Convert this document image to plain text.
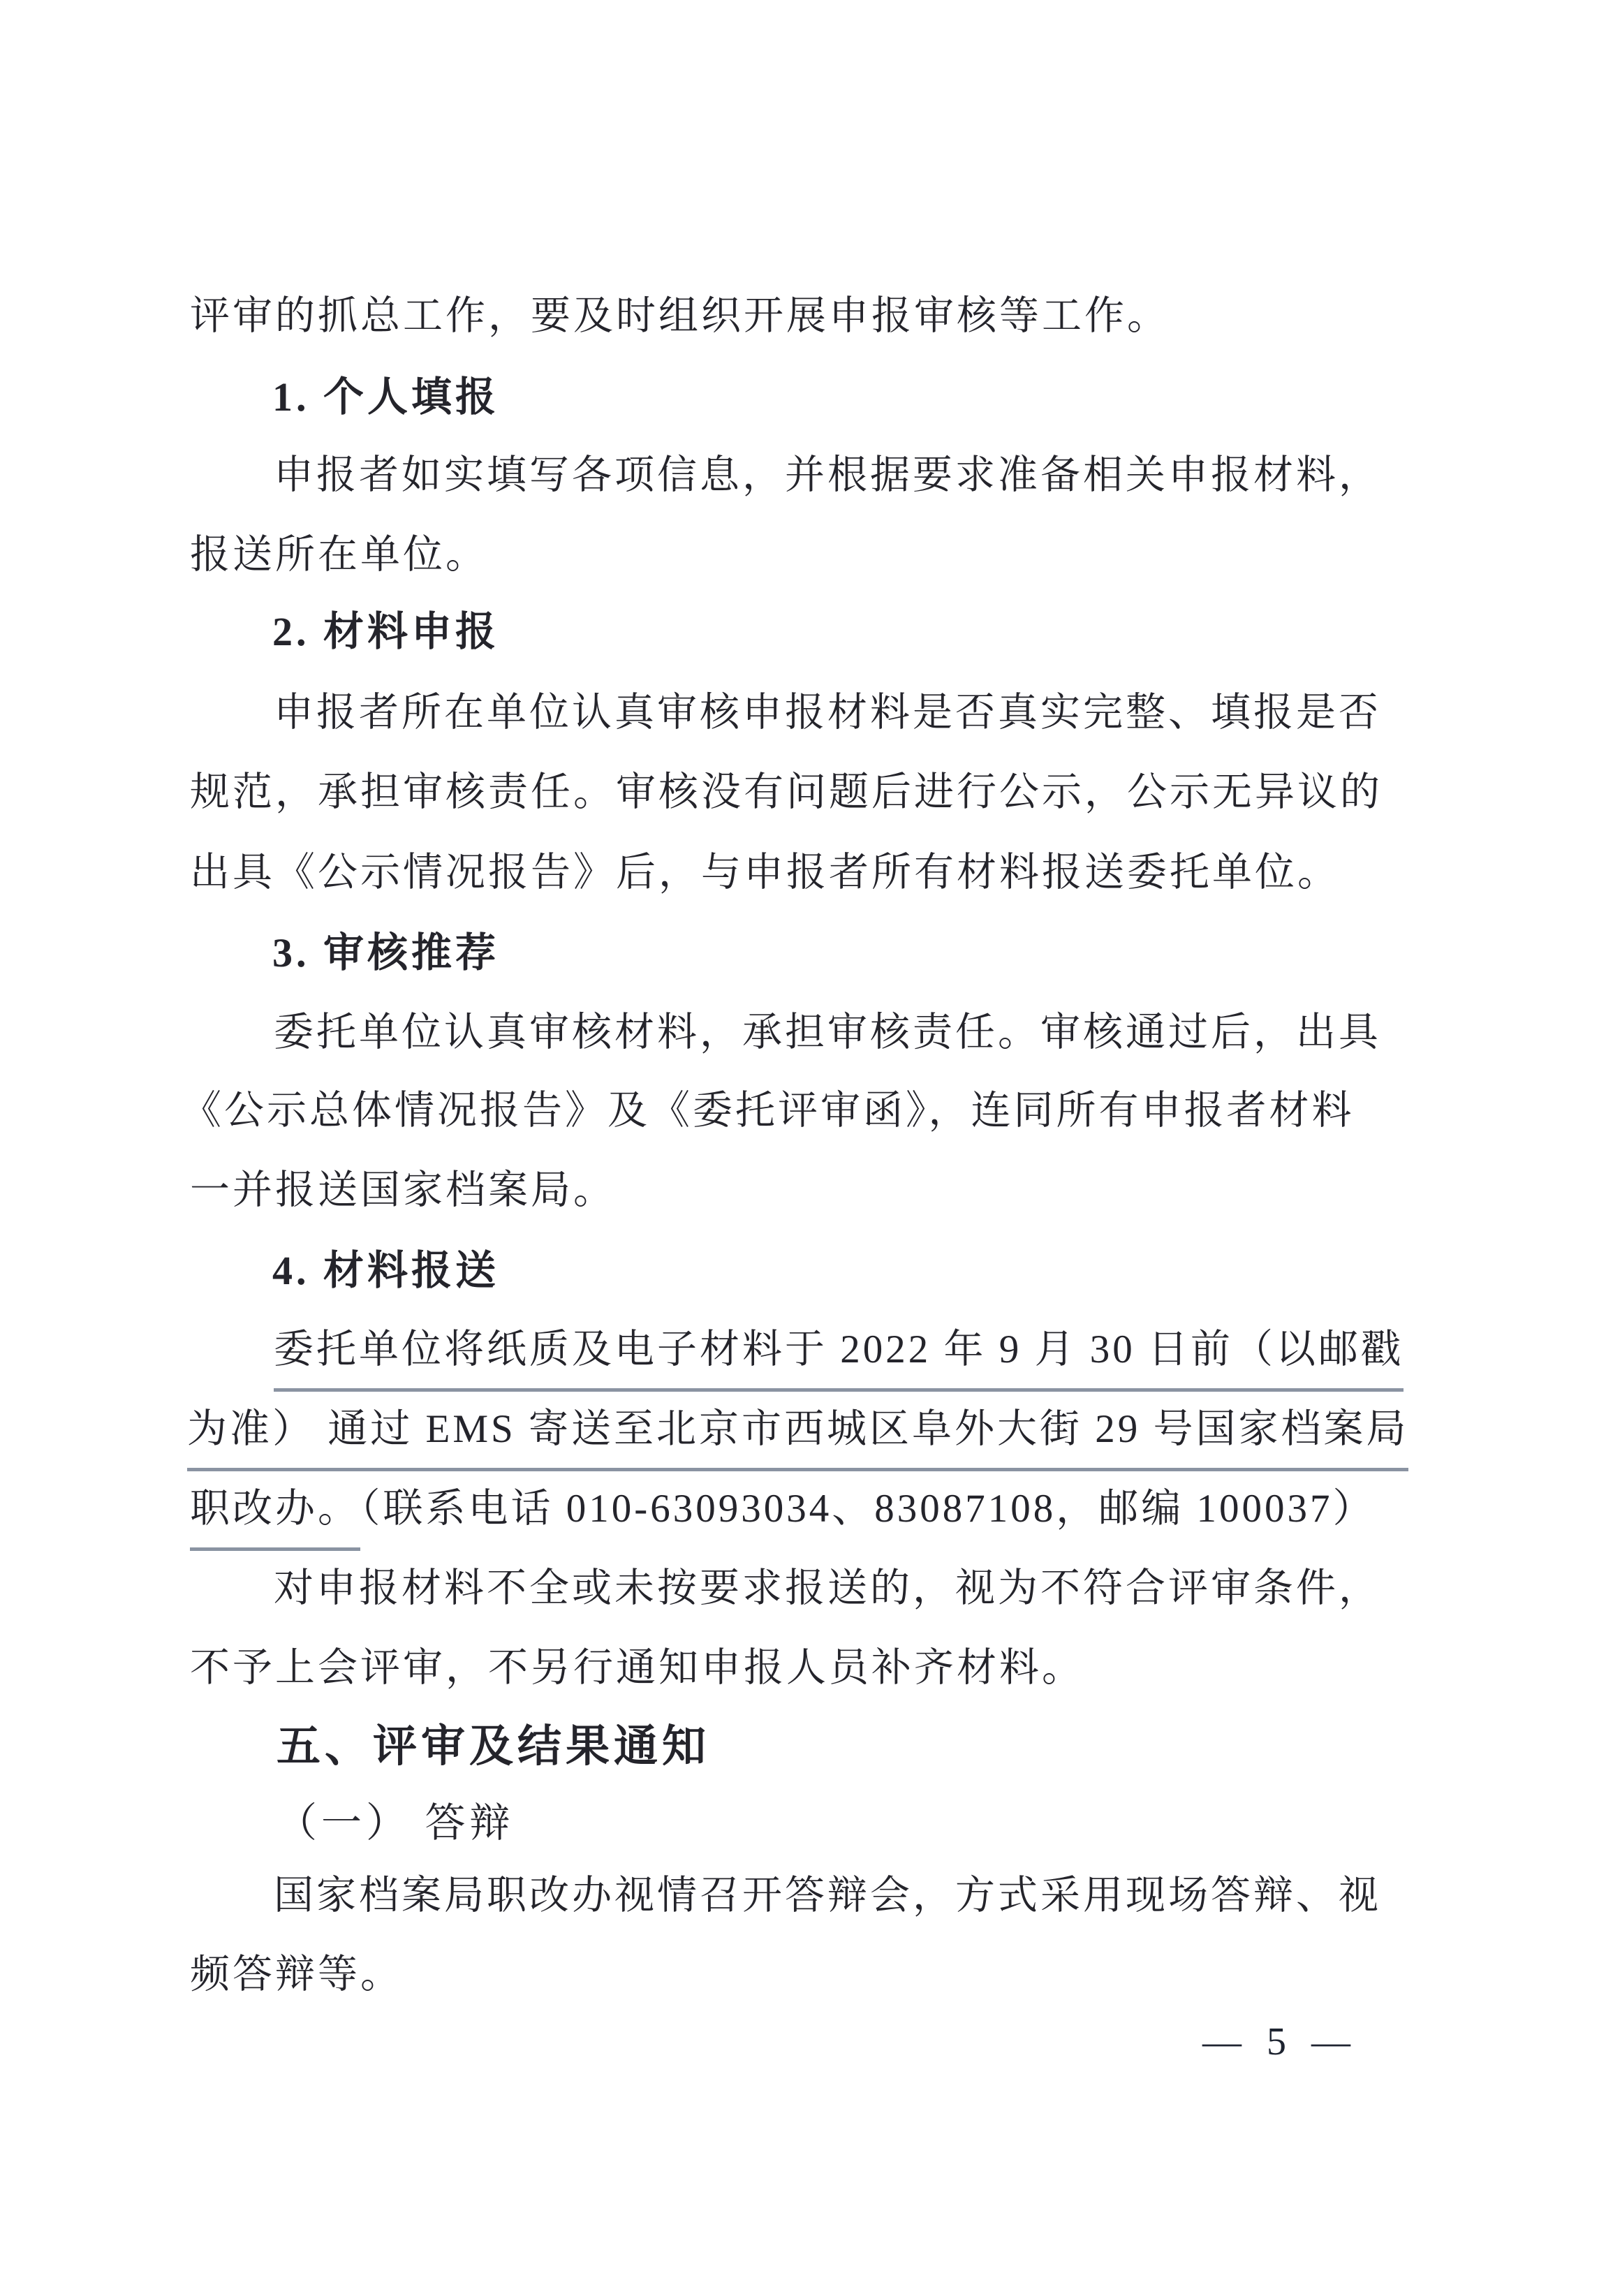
评审的抓总工作，要及时组织开展申报审核等工作。
1. 个人填报
申报者如实填写各项信息，并根据要求准备相关申报材料，
报送所在单位。
2. 材料申报
申报者所在单位认真审核申报材料是否真实完整、填报是否
规范，承担审核责任。审核没有问题后进行公示，公示无异议的
出具《公示情况报告》后，与申报者所有材料报送委托单位。
3. 审核推荐
委托单位认真审核材料，承担审核责任。审核通过后，出具
《公示总体情况报告》及《委托评审函》，连同所有申报者材料
一并报送国家档案局。
4. 材料报送
委托单位将纸质及电子材料于 2022 年 9 月 30 日前（以邮戳
为准） 通过 EMS 寄送至北京市西城区阜外大街 29 号国家档案局
职改办。（联系电话 010-63093034、83087108，邮编 100037）
对申报材料不全或未按要求报送的，视为不符合评审条件，
不予上会评审，不另行通知申报人员补齐材料。
五、评审及结果通知
（一） 答辩
国家档案局职改办视情召开答辩会，方式采用现场答辩、视
频答辩等。
— 5 —
